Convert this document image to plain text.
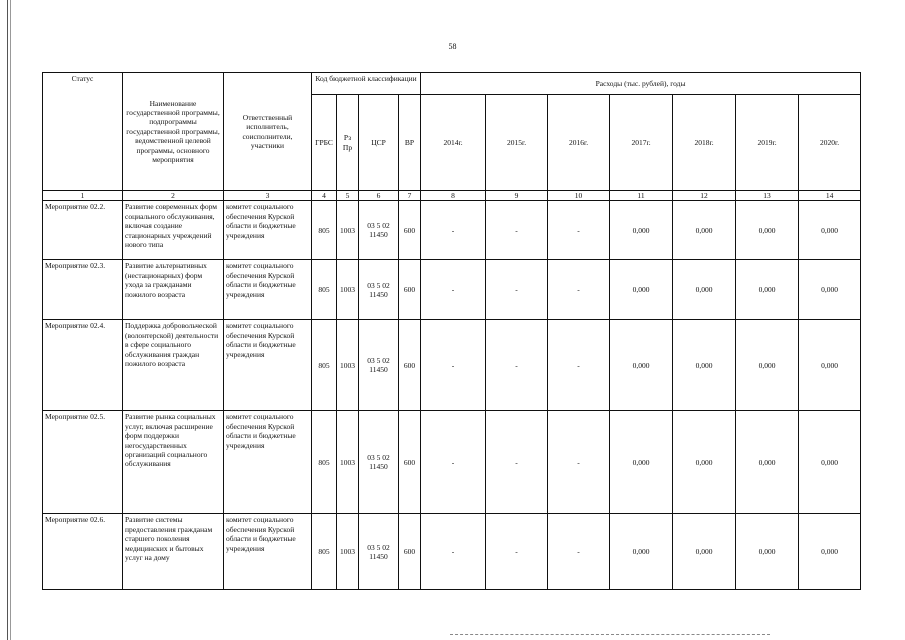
58
Статус	Наименование государственной программы, подпрограммы государственной программы, ведомственной целевой программы, основного мероприятия	Ответственный исполнитель, соисполнители, участники	Код бюджетной классификации				Расходы (тыс. рублей), годы						
			ГРБС	Рз Пр	ЦСР	ВР	2014г.	2015г.	2016г.	2017г.	2018г.	2019г.	2020г.
1	2	3	4	5	6	7	8	9	10	11	12	13	14
Мероприятие 02.2.	Развитие современных форм социального обслуживания, включая создание стационарных учреждений нового типа	комитет социального обеспечения Курской области и бюджетные учреждения	805	1003	03 5 02 11450	600	-	-	-	0,000	0,000	0,000	0,000
Мероприятие 02.3.	Развитие альтернативных (нестационарных) форм ухода за гражданами пожилого возраста	комитет социального обеспечения Курской области и бюджетные учреждения	805	1003	03 5 02 11450	600	-	-	-	0,000	0,000	0,000	0,000
Мероприятие 02.4.	Поддержка добровольческой (волонтерской) деятельности в сфере социального обслуживания граждан пожилого возраста	комитет социального обеспечения Курской области и бюджетные учреждения	805	1003	03 5 02 11450	600	-	-	-	0,000	0,000	0,000	0,000
Мероприятие 02.5.	Развитие рынка социальных услуг, включая расширение форм поддержки негосударственных организаций социального обслуживания	комитет социального обеспечения Курской области и бюджетные учреждения	805	1003	03 5 02 11450	600	-	-	-	0,000	0,000	0,000	0,000
Мероприятие 02.6.	Развитие системы предоставления гражданам старшего поколения медицинских и бытовых услуг на дому	комитет социального обеспечения Курской области и бюджетные учреждения	805	1003	03 5 02 11450	600	-	-	-	0,000	0,000	0,000	0,000
